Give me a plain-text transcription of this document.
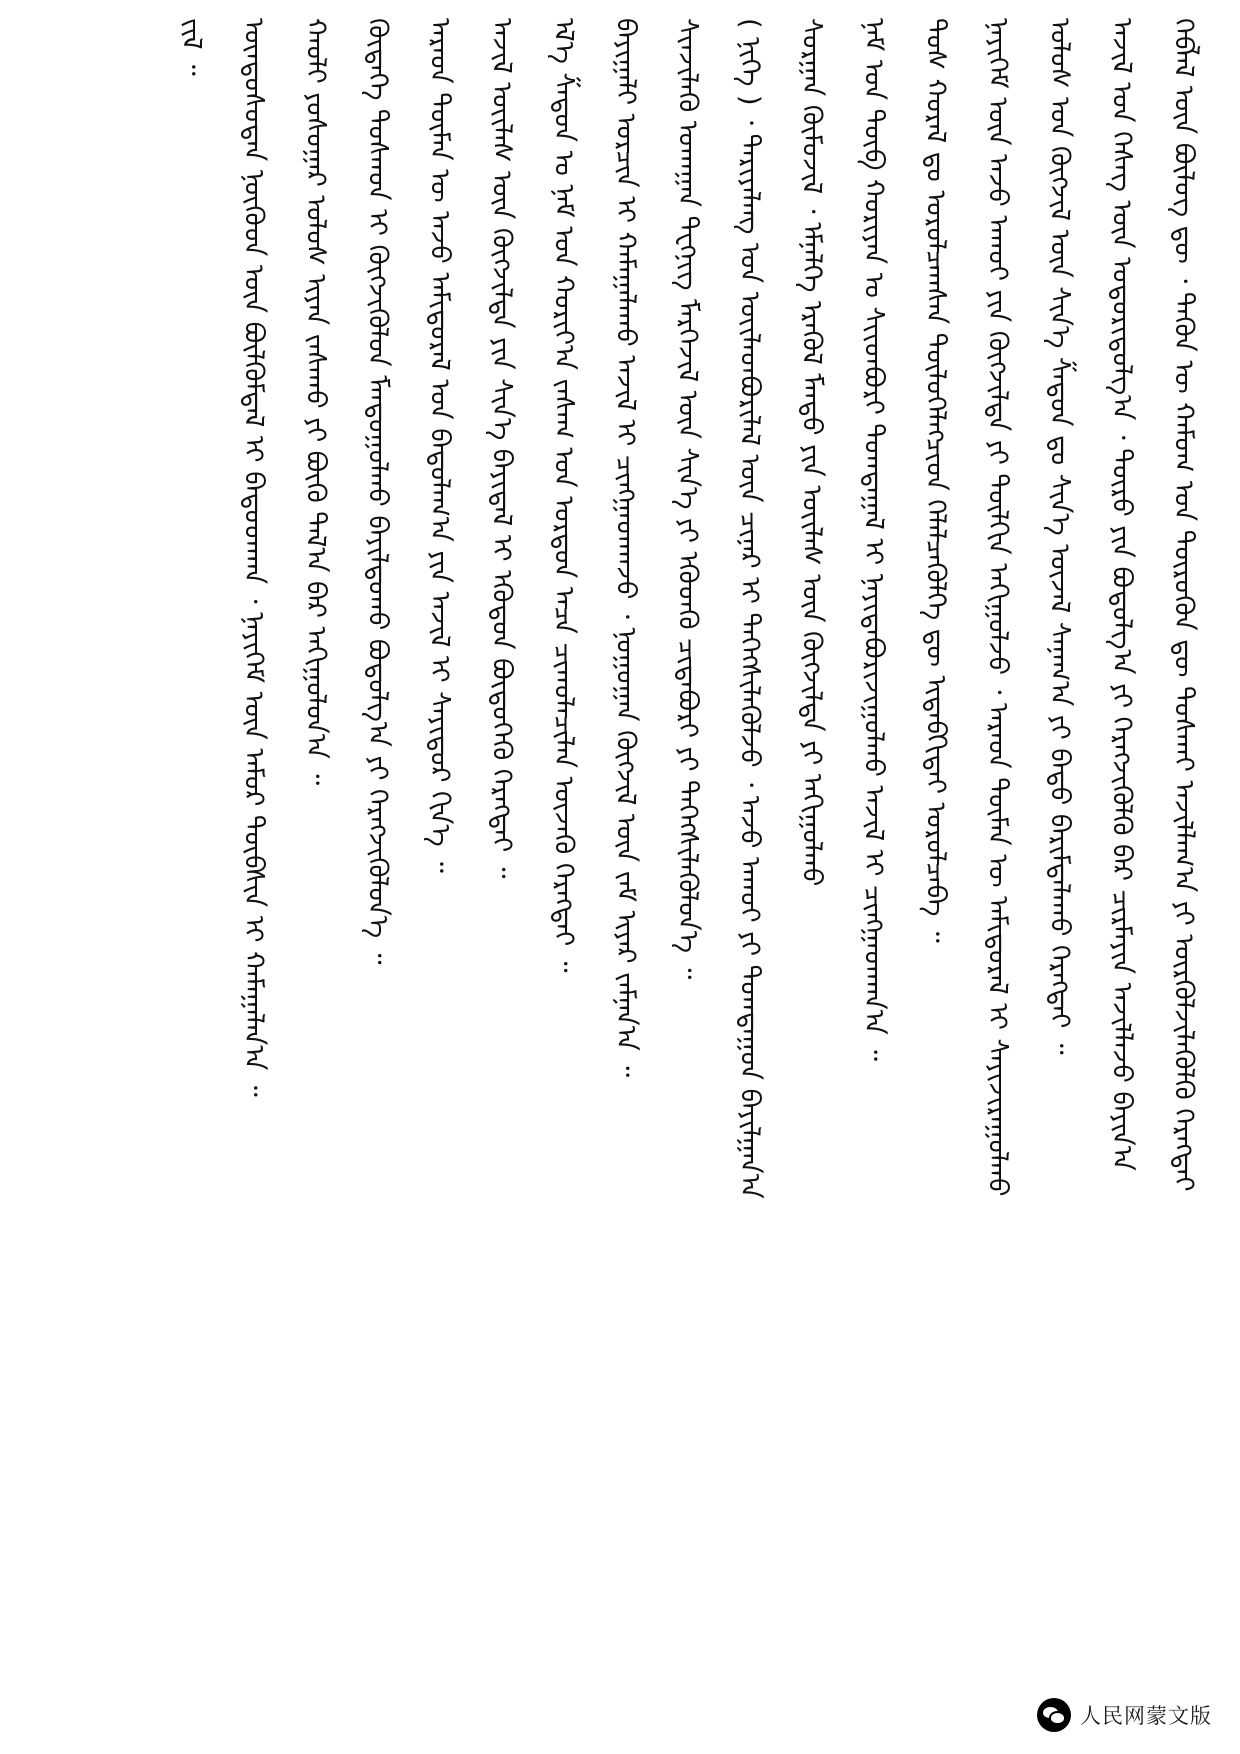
ᠬᠡᠪᠯᠡᠯ ᠦᠨ ᠪᠦᠯᠦᠭ ᠳᠦ ᠂ ᠲᠡᠭᠦᠨ ᠦ ᠬᠠᠮᠤᠭ ᠤᠨ ᠲᠦᠷᠦᠭᠦᠨ ᠳᠦ ᠲᠤᠰᠬᠠᠢ ᠠᠵᠢᠯᠯᠠᠭ᠎ᠠ ᠶᠢ ᠦᠷᠭᠦᠯᠵᠢᠯᠡᠭᠦᠯᠬᠦ ᠬᠡᠷᠡᠭᠲᠡᠢ
ᠠᠵᠢᠯ ᠤᠨ ᠬᠡᠰᠡᠭ ᠦᠨ ᠤᠳᠤᠷᠢᠳᠤᠯᠭ᠎ᠠ ᠂ ᠲᠦᠷᠦ ᠶᠢᠨ ᠪᠣᠳᠤᠯᠭ᠎ᠠ ᠶᠢ ᠬᠡᠷᠡᠭᠵᠢᠭᠦᠯᠬᠦ ᠪᠡᠷ ᠴᠢᠷᠮᠠᠶᠢᠨ ᠠᠵᠢᠯᠯᠠᠵᠤ ᠪᠠᠶᠢᠨ᠎ᠠ
ᠤᠯᠤᠰ ᠤᠨ ᠬᠥᠭᠵᠢᠯ ᠦᠨ ᠰᠢᠨ᠎ᠡ ᠱᠠᠲᠤᠨ ᠳᠤ ᠰᠢᠨ᠎ᠡ ᠦᠵᠡᠯ ᠰᠠᠨᠠᠭ᠎ᠠ ᠶᠢ ᠪᠠᠲᠤ ᠪᠠᠷᠢᠮᠲᠠᠯᠠᠬᠤ ᠬᠡᠷᠡᠭᠲᠡᠢ ᠃
ᠨᠡᠶᠢᠭᠡᠮ ᠦᠨ ᠠᠵᠤ ᠠᠬᠤᠢ ᠶᠢᠨ ᠬᠥᠭᠵᠢᠯᠲᠡ ᠶᠢ ᠲᠦᠯᠬᠢᠨ ᠠᠬᠢᠭᠤᠯᠵᠤ ᠂ ᠠᠷᠠᠳ ᠲᠦᠮᠡᠨ ᠦ ᠠᠮᠢᠳᠤᠷᠠᠯ ᠢ ᠰᠠᠶᠢᠵᠢᠷᠠᠭᠤᠯᠬᠤ
ᠲᠤᠰ ᠬᠤᠷᠠᠯ ᠳᠤ ᠣᠷᠤᠯᠴᠠᠭᠰᠠᠨ ᠲᠥᠯᠥᠭᠡᠯᠡᠭᠴᠢᠳ ᠬᠡᠯᠡᠯᠴᠡᠭᠦᠯᠭᠡ ᠳᠦ ᠢᠳᠡᠪᠬᠢᠲᠡᠢ ᠣᠷᠤᠯᠴᠠᠪᠠ ᠃
ᠨᠠᠮ ᠤᠨ ᠲᠥᠪ ᠬᠣᠷᠢᠶᠠᠨ ᠤ ᠰᠢᠢᠳᠪᠦᠷᠢ ᠲᠣᠭᠲᠠᠭᠠᠯ ᠢ ᠨᠠᠶᠢᠳᠠᠪᠤᠷᠢᠵᠢᠭᠤᠯᠬᠤ ᠠᠵᠢᠯ ᠢ ᠴᠢᠩᠭᠠᠳᠬᠠᠨ᠎ᠠ ᠃
ᠰᠤᠷᠭᠠᠨ ᠬᠥᠮᠦᠵᠢᠯ ᠂ ᠡᠮᠨᠡᠯᠭᠡ ᠡᠷᠡᠭᠦᠯ ᠮᠡᠨᠳᠦ ᠶᠢᠨ ᠦᠢᠯᠡᠰ ᠦᠨ ᠬᠥᠭᠵᠢᠯᠲᠡ ᠶᠢ ᠠᠬᠢᠭᠤᠯᠬᠤ
( ᠨᠢᠭᠡ ) ᠂ ᠲᠠᠷᠢᠶᠠᠯᠠᠩ ᠤᠨ ᠦᠢᠯᠡᠳᠪᠦᠷᠢᠯᠡᠯ ᠦᠨ ᠴᠢᠨᠠᠷ ᠢ ᠳᠡᠭᠡᠭᠰᠢᠯᠡᠭᠦᠯᠵᠦ ᠂ ᠠᠵᠤ ᠠᠬᠤᠢ ᠶᠢ ᠲᠣᠭᠲᠠᠭᠤᠨ ᠪᠠᠶᠢᠯᠭᠠᠨ᠎ᠠ
ᠰᠢᠨᠵᠢᠯᠡᠬᠦ ᠤᠬᠠᠭᠠᠨ ᠲᠧᠭᠨᠢᠭ ᠮᠡᠷᠭᠡᠵᠢᠯ ᠦᠨ ᠰᠢᠨ᠎ᠡ ᠶᠢ ᠡᠭᠦᠳᠬᠦ ᠴᠢᠳᠠᠪᠤᠷᠢ ᠶᠢ ᠳᠡᠭᠡᠭᠰᠢᠯᠡᠭᠦᠯᠦᠨ᠎ᠡ ᠃
ᠪᠠᠶᠢᠭᠠᠯᠢ ᠣᠷᠴᠢᠨ ᠢ ᠬᠠᠮᠠᠭᠠᠯᠠᠬᠤ ᠠᠵᠢᠯ ᠢ ᠴᠢᠩᠭᠠᠳᠬᠠᠵᠤ ᠂ ᠨᠣᠭᠤᠭᠠᠨ ᠬᠥᠭᠵᠢᠯ ᠦᠨ ᠵᠠᠮ ᠢᠶᠠᠷ ᠵᠠᠮᠨᠠᠨ᠎ᠠ ᠃
ᠡᠯ᠎ᠡ ᠱᠠᠲᠤᠨ ᠤ ᠨᠠᠮ ᠤᠨ ᠬᠣᠷᠢᠶ᠎ᠠ ᠵᠠᠰᠠᠭ ᠤᠨ ᠣᠷᠳᠤᠨ ᠠᠴᠠ ᠴᠢᠬᠤᠯᠠᠴᠢᠯᠠᠨ ᠦᠵᠡᠬᠦ ᠬᠡᠷᠡᠭᠲᠡᠢ ᠃
ᠠᠵᠢᠯ ᠦᠢᠯᠡᠰ ᠦᠨ ᠬᠥᠭᠵᠢᠯᠲᠡ ᠶᠢᠨ ᠰᠢᠨ᠎ᠡ ᠪᠠᠶᠢᠳᠠᠯ ᠢ ᠡᠭᠦᠳᠦᠨ ᠪᠦᠲᠦᠭᠡᠬᠦ ᠬᠡᠷᠡᠭᠲᠡᠢ ᠃
ᠠᠷᠠᠳ ᠲᠦᠮᠡᠨ ᠦ ᠠᠵᠤ ᠠᠮᠢᠳᠤᠷᠠᠯ ᠤᠨ ᠪᠠᠲᠤᠯᠠᠭ᠎ᠠ ᠶᠢᠨ ᠠᠵᠢᠯ ᠢ ᠰᠠᠶᠢᠲᠤᠷ ᠬᠢᠨ᠎ᠡ ᠃
ᠬᠥᠳᠡᠭᠡ ᠲᠣᠰᠬᠤᠨ ᠢ ᠬᠥᠭᠵᠢᠭᠦᠯᠦᠨ ᠮᠠᠨᠳᠤᠭᠤᠯᠬᠤ ᠪᠠᠶᠢᠯᠳᠤᠬᠤ ᠪᠣᠳᠤᠯᠭ᠎ᠠ ᠶᠢ ᠬᠡᠷᠡᠭᠵᠢᠭᠦᠯᠦᠨ᠎ᠡ ᠃
ᠬᠠᠤᠯᠢ ᠶᠣᠰᠤᠭᠠᠷ ᠤᠯᠤᠰ ᠢᠶᠠᠨ ᠵᠠᠰᠠᠬᠤ ᠶᠢ ᠪᠦᠬᠦ ᠲᠠᠯ᠎ᠠ ᠪᠠᠷ ᠠᠬᠢᠭᠤᠯᠤᠨ᠎ᠠ ᠃
ᠦᠨᠳᠦᠰᠦᠲᠡᠨ ᠨᠦᠭᠦᠳ ᠦᠨ ᠪᠦᠯᠬᠦᠮᠳᠡᠯ ᠢ ᠪᠠᠲᠤᠳᠬᠠᠨ ᠂ ᠨᠡᠶᠢᠭᠡᠮ ᠦᠨ ᠠᠮᠤᠷ ᠲᠦᠪᠰᠢᠨ ᠢ ᠬᠠᠮᠠᠭᠠᠯᠠᠨ᠎ᠠ ᠃
ᠵᠢᠯ ᠃
人民网蒙文版
